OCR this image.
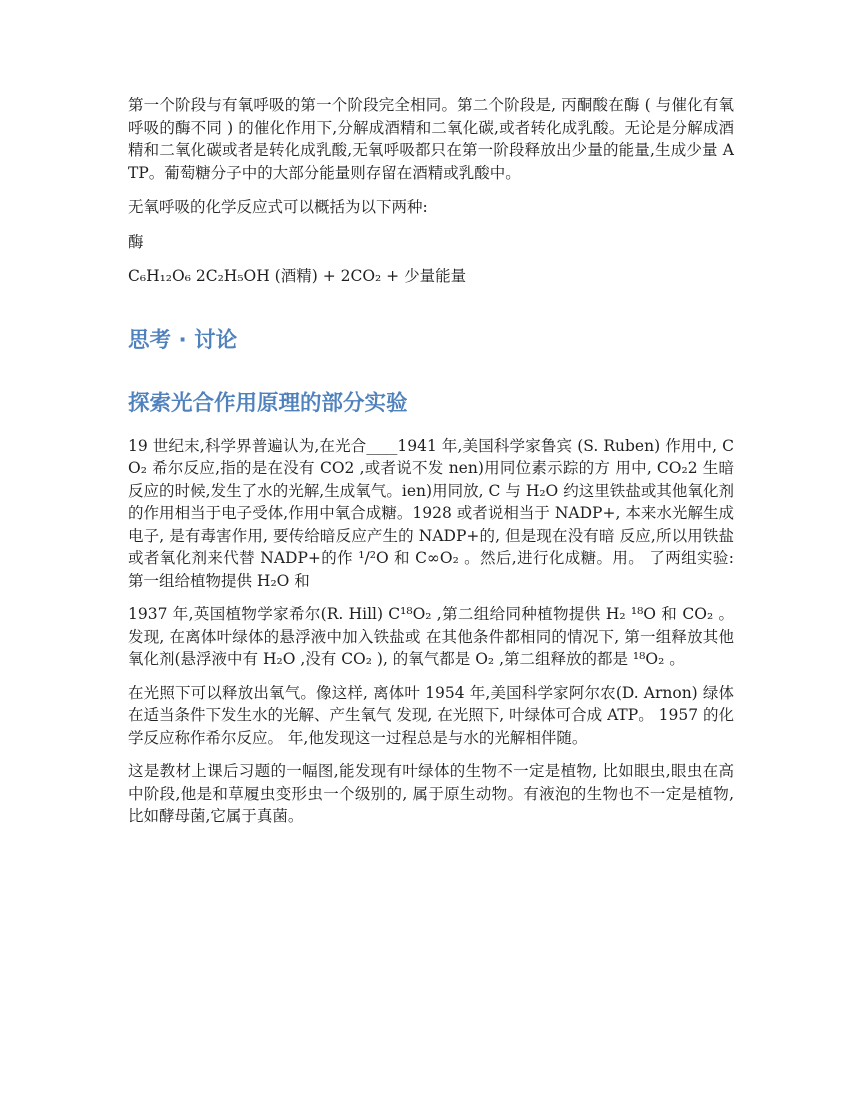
第一个阶段与有氧呼吸的第一个阶段完全相同。第二个阶段是, 丙酮酸在酶 ( 与催化有氧呼吸的酶不同 ) 的催化作用下,分解成酒精和二氧化碳,或者转化成乳酸。无论是分解成酒精和二氧化碳或者是转化成乳酸,无氧呼吸都只在第一阶段释放出少量的能量,生成少量 ATP。葡萄糖分子中的大部分能量则存留在酒精或乳酸中。

无氧呼吸的化学反应式可以概括为以下两种:

酶

C₆H₁₂O₆ 2C₂H₅OH (酒精) + 2CO₂ + 少量能量

思考 · 讨论
探索光合作用原理的部分实验

19 世纪末,科学界普遍认为,在光合____1941 年,美国科学家鲁宾 (S. Ruben) 作用中, CO₂ 希尔反应,指的是在没有 CO2 ,或者说不发 nen)用同位素示踪的方 用中, CO₂2 生暗反应的时候,发生了水的光解,生成氧气。ien)用同放, C 与 H₂O 约这里铁盐或其他氧化剂的作用相当于电子受体,作用中氧合成糖。1928 或者说相当于 NADP+, 本来水光解生成电子, 是有毒害作用, 要传给暗反应产生的 NADP+的, 但是现在没有暗 反应,所以用铁盐或者氧化剂来代替 NADP+的作 ¹/²O 和 C∞O₂ 。然后,进行化成糖。用。 了两组实验:第一组给植物提供 H₂O 和

1937 年,英国植物学家希尔(R. Hill) C¹⁸O₂ ,第二组给同种植物提供 H₂ ¹⁸O 和 CO₂ 。 发现, 在离体叶绿体的悬浮液中加入铁盐或 在其他条件都相同的情况下, 第一组释放其他氧化剂(悬浮液中有 H₂O ,没有 CO₂ ), 的氧气都是 O₂ ,第二组释放的都是 ¹⁸O₂ 。

在光照下可以释放出氧气。像这样, 离体叶 1954 年,美国科学家阿尔农(D. Arnon) 绿体在适当条件下发生水的光解、产生氧气 发现, 在光照下, 叶绿体可合成 ATP。 1957 的化学反应称作希尔反应。 年,他发现这一过程总是与水的光解相伴随。

这是教材上课后习题的一幅图,能发现有叶绿体的生物不一定是植物, 比如眼虫,眼虫在高中阶段,他是和草履虫变形虫一个级别的, 属于原生动物。有液泡的生物也不一定是植物,比如酵母菌,它属于真菌。
